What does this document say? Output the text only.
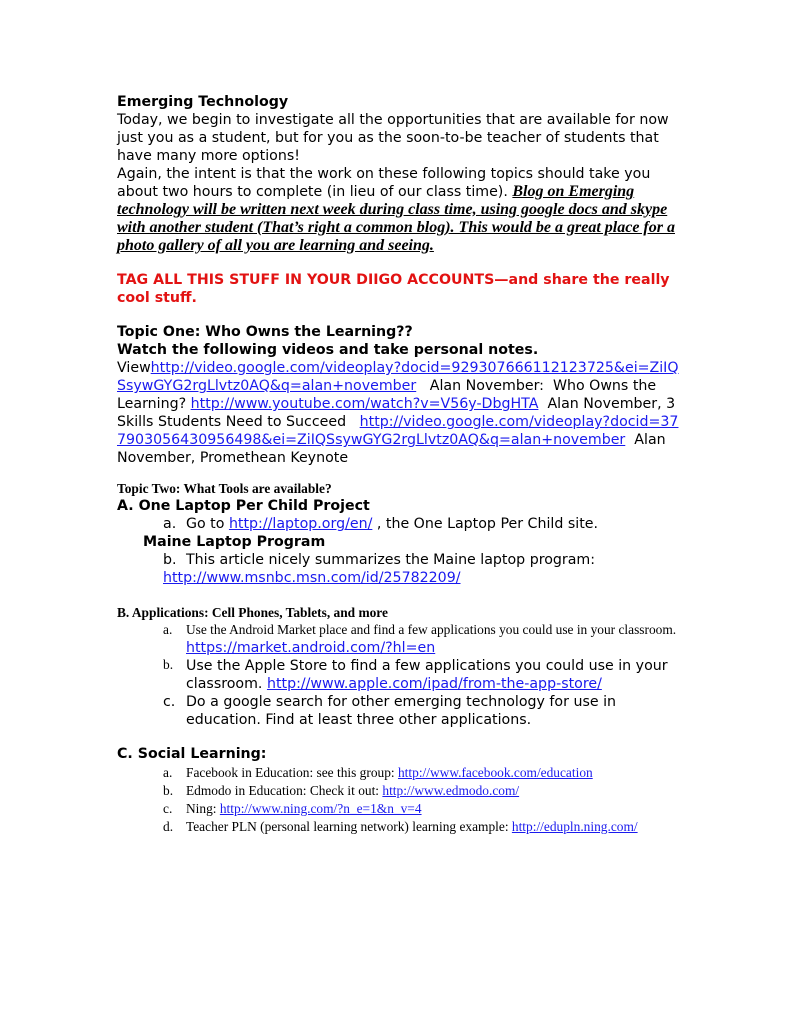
Emerging Technology

Today, we begin to investigate all the opportunities that are available for now just you as a student, but for you as the soon-to-be teacher of students that have many more options!

Again, the intent is that the work on these following topics should take you about two hours to complete (in lieu of our class time). Blog on Emerging technology will be written next week during class time, using google docs and skype with another student (That’s right a common blog). This would be a great place for a photo gallery of all you are learning and seeing.

TAG ALL THIS STUFF IN YOUR DIIGO ACCOUNTS—and share the really cool stuff.

Topic One: Who Owns the Learning??

Watch the following videos and take personal notes.

Viewhttp://video.google.com/videoplay?docid=929307666112123725&ei=ZiIQSsywGYG2rgLlvtz0AQ&q=alan+november   Alan November:  Who Owns the Learning? http://www.youtube.com/watch?v=V56y-DbgHTA  Alan November, 3 Skills Students Need to Succeed   http://video.google.com/videoplay?docid=377903056430956498&ei=ZiIQSsywGYG2rgLlvtz0AQ&q=alan+november  Alan November, Promethean Keynote

Topic Two: What Tools are available?

A. One Laptop Per Child Project

a. Go to http://laptop.org/en/ , the One Laptop Per Child site.

Maine Laptop Program

b. This article nicely summarizes the Maine laptop program:

http://www.msnbc.msn.com/id/25782209/

B. Applications: Cell Phones, Tablets, and more

a. Use the Android Market place and find a few applications you could use in your classroom. https://market.android.com/?hl=en

b. Use the Apple Store to find a few applications you could use in your classroom. http://www.apple.com/ipad/from-the-app-store/

c. Do a google search for other emerging technology for use in education. Find at least three other applications.

C. Social Learning:

a. Facebook in Education: see this group: http://www.facebook.com/education

b. Edmodo in Education: Check it out: http://www.edmodo.com/

c. Ning: http://www.ning.com/?n_e=1&n_v=4

d. Teacher PLN (personal learning network) learning example: http://edupln.ning.com/
